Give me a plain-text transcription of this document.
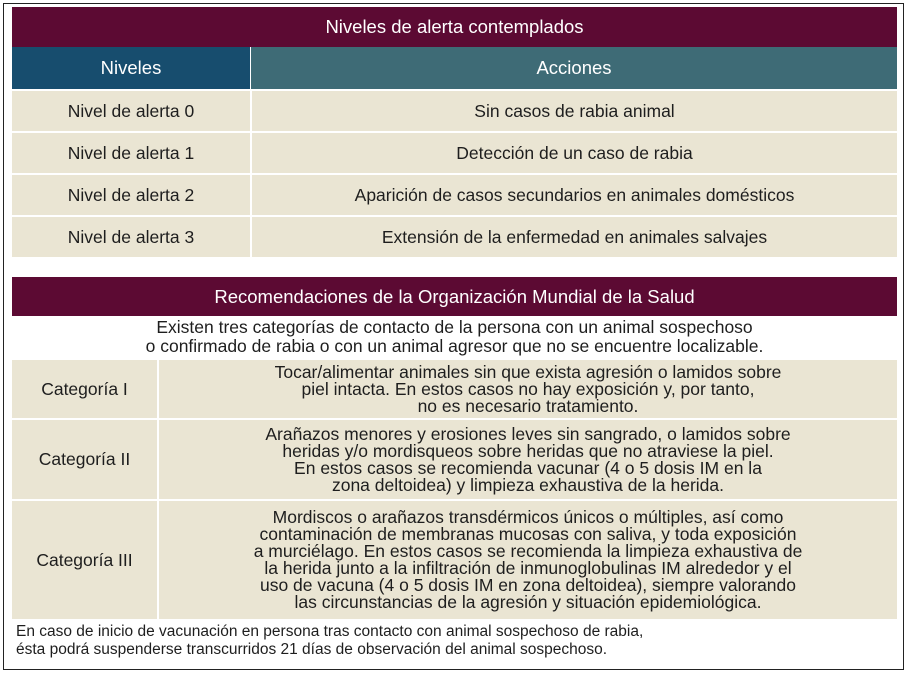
Niveles de alerta contemplados
Niveles	Acciones
Nivel de alerta 0	Sin casos de rabia animal
Nivel de alerta 1	Detección de un caso de rabia
Nivel de alerta 2	Aparición de casos secundarios en animales domésticos
Nivel de alerta 3	Extensión de la enfermedad en animales salvajes
Recomendaciones de la Organización Mundial de la Salud
Existen tres categorías de contacto de la persona con un animal sospechoso
o confirmado de rabia o con un animal agresor que no se encuentre localizable.
Categoría I
Tocar/alimentar animales sin que exista agresión o lamidos sobre
piel intacta. En estos casos no hay exposición y, por tanto,
no es necesario tratamiento.
Categoría II
Arañazos menores y erosiones leves sin sangrado, o lamidos sobre
heridas y/o mordisqueos sobre heridas que no atraviese la piel.
En estos casos se recomienda vacunar (4 o 5 dosis IM en la
zona deltoidea) y limpieza exhaustiva de la herida.
Categoría III
Mordiscos o arañazos transdérmicos únicos o múltiples, así como
contaminación de membranas mucosas con saliva, y toda exposición
a murciélago. En estos casos se recomienda la limpieza exhaustiva de
la herida junto a la infiltración de inmunoglobulinas IM alrededor y el
uso de vacuna (4 o 5 dosis IM en zona deltoidea), siempre valorando
las circunstancias de la agresión y situación epidemiológica.
En caso de inicio de vacunación en persona tras contacto con animal sospechoso de rabia,
ésta podrá suspenderse transcurridos 21 días de observación del animal sospechoso.
